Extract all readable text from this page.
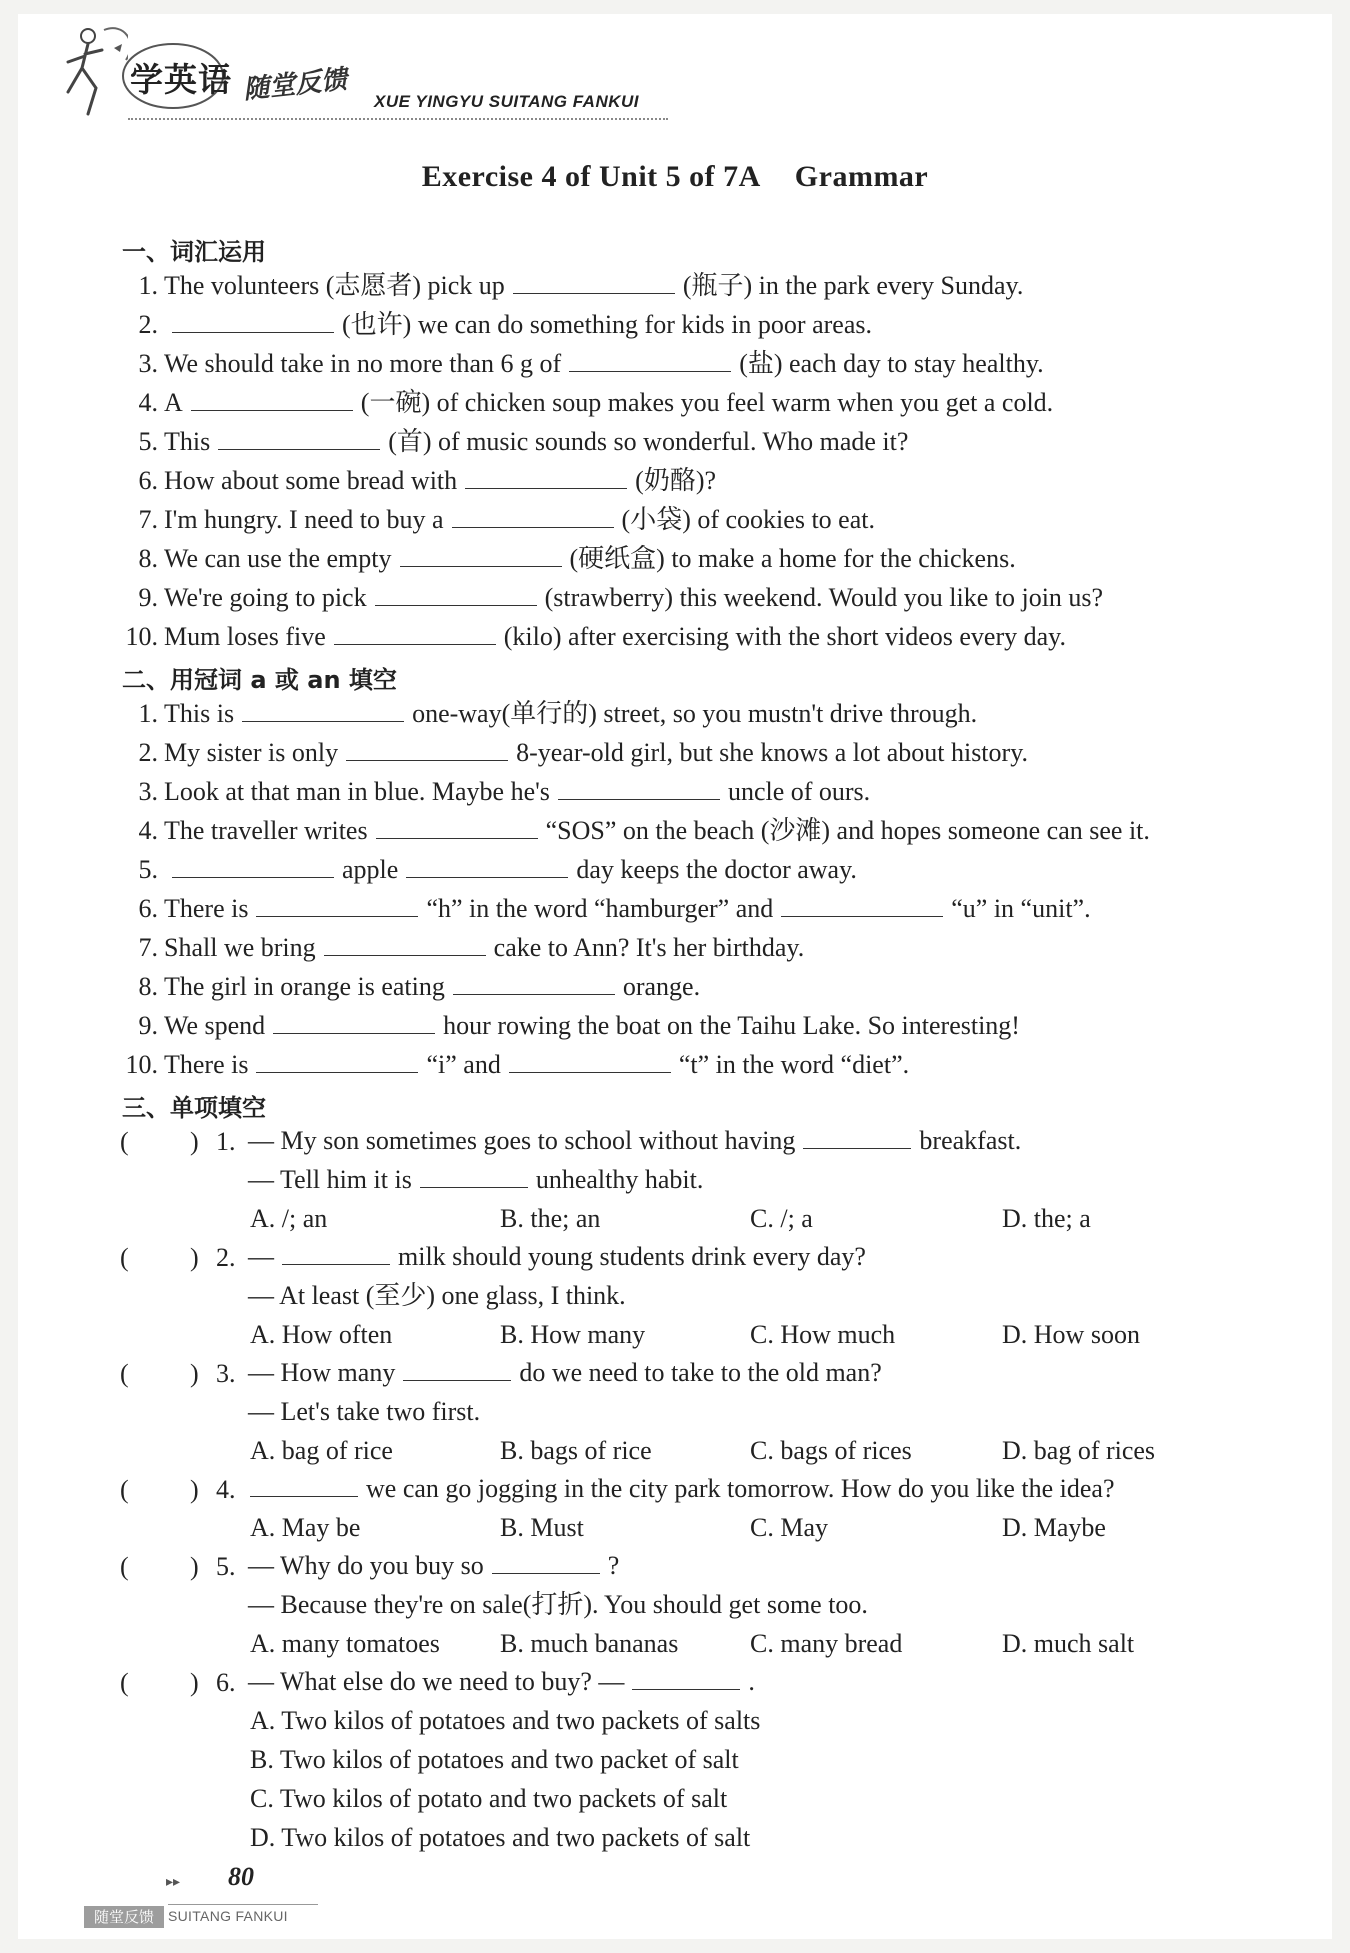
学英语 随堂反馈 XUE YINGYU SUITANG FANKUI
Exercise 4 of Unit 5 of 7A Grammar
一、词汇运用
1. The volunteers (志愿者) pick up	(瓶子) in the park every Sunday.
2.	(也许) we can do something for kids in poor areas.
3. We should take in no more than 6 g of	(盐) each day to stay healthy.
4. A	(一碗) of chicken soup makes you feel warm when you get a cold.
5. This	(首) of music sounds so wonderful. Who made it?
6. How about some bread with	(奶酪)?
7. I'm hungry. I need to buy a	(小袋) of cookies to eat.
8. We can use the empty	(硬纸盒) to make a home for the chickens.
9. We're going to pick	(strawberry) this weekend. Would you like to join us?
10. Mum loses five	(kilo) after exercising with the short videos every day.
二、用冠词 a 或 an 填空
1. This is	one-way(单行的) street, so you mustn't drive through.
2. My sister is only	8-year-old girl, but she knows a lot about history.
3. Look at that man in blue. Maybe he's	uncle of ours.
4. The traveller writes	“SOS” on the beach (沙滩) and hopes someone can see it.
5.	apple	day keeps the doctor away.
6. There is	“h” in the word “hamburger” and	“u” in “unit”.
7. Shall we bring	cake to Ann? It's her birthday.
8. The girl in orange is eating	orange.
9. We spend	hour rowing the boat on the Taihu Lake. So interesting!
10. There is	“i” and	“t” in the word “diet”.
三、单项填空
( ) 1. — My son sometimes goes to school without having	breakfast.
— Tell him it is	unhealthy habit.
A. /; an	B. the; an	C. /; a	D. the; a
( ) 2. —	milk should young students drink every day?
— At least (至少) one glass, I think.
A. How often	B. How many	C. How much	D. How soon
( ) 3. — How many	do we need to take to the old man?
— Let's take two first.
A. bag of rice	B. bags of rice	C. bags of rices	D. bag of rices
( ) 4.	we can go jogging in the city park tomorrow. How do you like the idea?
A. May be	B. Must	C. May	D. Maybe
( ) 5. — Why do you buy so	?
— Because they're on sale(打折). You should get some too.
A. many tomatoes B. much bananas	C. many bread	D. much salt
( ) 6. — What else do we need to buy? —	.
A. Two kilos of potatoes and two packets of salts
B. Two kilos of potatoes and two packet of salt
C. Two kilos of potato and two packets of salt
D. Two kilos of potatoes and two packets of salt
▸▸ 80
随堂反馈	SUITANG FANKUI
